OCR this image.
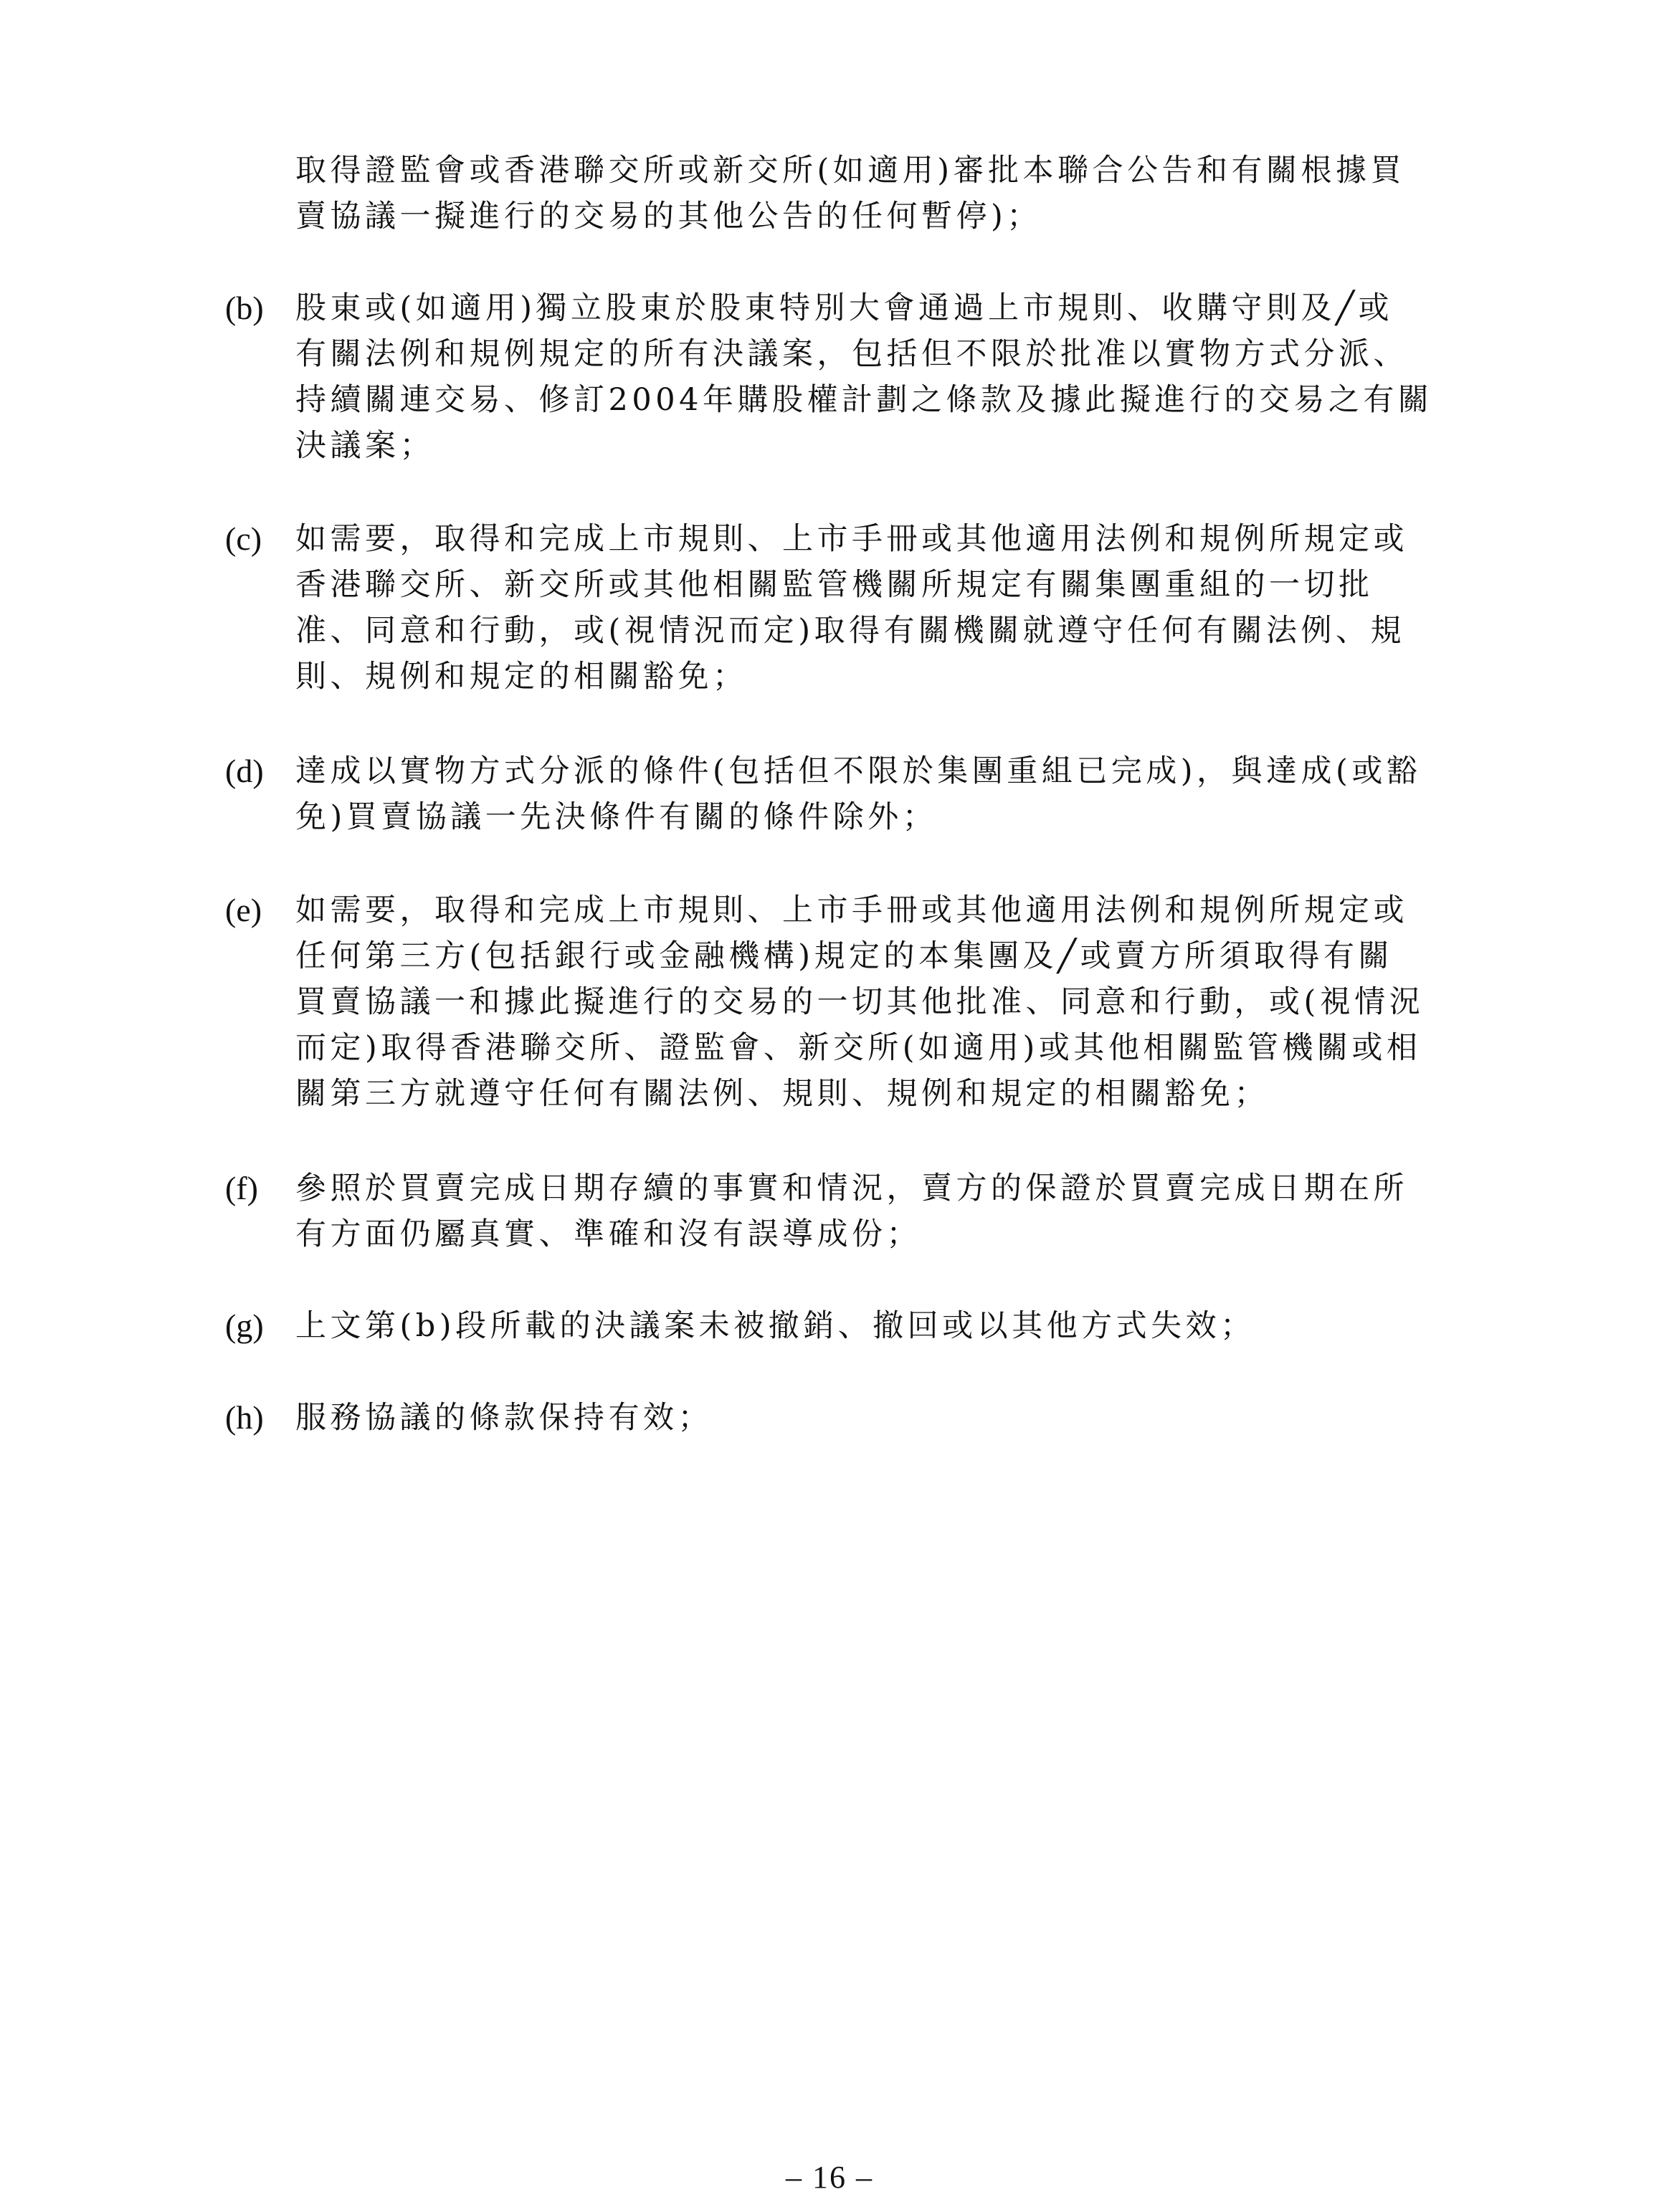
取得證監會或香港聯交所或新交所(如適用)審批本聯合公告和有關根據買
賣協議一擬進行的交易的其他公告的任何暫停)；
(b) 股東或(如適用)獨立股東於股東特別大會通過上市規則、收購守則及╱或
有關法例和規例規定的所有決議案，包括但不限於批准以實物方式分派、
持續關連交易、修訂2004年購股權計劃之條款及據此擬進行的交易之有關
決議案；
(c) 如需要，取得和完成上市規則、上市手冊或其他適用法例和規例所規定或
香港聯交所、新交所或其他相關監管機關所規定有關集團重組的一切批
准、同意和行動，或(視情況而定)取得有關機關就遵守任何有關法例、規
則、規例和規定的相關豁免；
(d) 達成以實物方式分派的條件(包括但不限於集團重組已完成)，與達成(或豁
免)買賣協議一先決條件有關的條件除外；
(e) 如需要，取得和完成上市規則、上市手冊或其他適用法例和規例所規定或
任何第三方(包括銀行或金融機構)規定的本集團及╱或賣方所須取得有關
買賣協議一和據此擬進行的交易的一切其他批准、同意和行動，或(視情況
而定)取得香港聯交所、證監會、新交所(如適用)或其他相關監管機關或相
關第三方就遵守任何有關法例、規則、規例和規定的相關豁免；
(f) 參照於買賣完成日期存續的事實和情況，賣方的保證於買賣完成日期在所
有方面仍屬真實、準確和沒有誤導成份；
(g) 上文第(b)段所載的決議案未被撤銷、撤回或以其他方式失效；
(h) 服務協議的條款保持有效；
– 16 –
